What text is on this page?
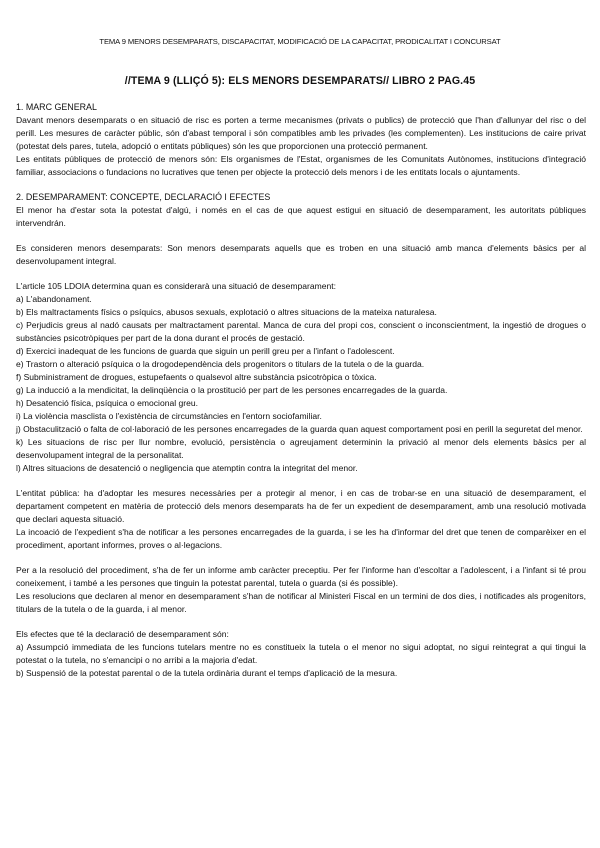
TEMA 9 MENORS DESEMPARATS, DISCAPACITAT, MODIFICACIÓ DE LA CAPACITAT, PRODICALITAT I CONCURSAT
//TEMA 9 (LLIÇÓ 5): ELS MENORS DESEMPARATS// LIBRO 2 PAG.45

1. MARC GENERAL

Davant menors desemparats o en situació de risc es porten a terme mecanismes (privats o publics) de protecció que l'han d'allunyar del risc o del perill. Les mesures de caràcter públic, són d'abast temporal i són compatibles amb les privades (les complementen). Les institucions de caire privat (potestat dels pares, tutela, adopció o entitats públiques) són les que proporcionen una protecció permanent.

Les entitats públiques de protecció de menors són: Els organismes de l'Estat, organismes de les Comunitats Autònomes, institucions d'integració familiar, associacions o fundacions no lucratives que tenen per objecte la protecció dels menors i de les entitats locals o ajuntaments.

2. DESEMPARAMENT: CONCEPTE, DECLARACIÓ I EFECTES

El menor ha d'estar sota la potestat d'algú, i només en el cas de que aquest estigui en situació de desemparament, les autoritats públiques intervendrán.

Es consideren menors desemparats: Son menors desemparats aquells que es troben en una situació amb manca d'elements bàsics per al desenvolupament integral.

L'article 105 LDOIA determina quan es considerarà una situació de desemparament:

a) L'abandonament.

b) Els maltractaments físics o psíquics, abusos sexuals, explotació o altres situacions de la mateixa naturalesa.

c) Perjudicis greus al nadó causats per maltractament parental. Manca de cura del propi cos, conscient o inconscientment, la ingestió de drogues o substàncies psicotròpiques per part de la dona durant el procés de gestació.

d) Exercici inadequat de les funcions de guarda que siguin un perill greu per a l'infant o l'adolescent.

e) Trastorn o alteració psíquica o la drogodependència dels progenitors o titulars de la tutela o de la guarda.

f) Subministrament de drogues, estupefaents o qualsevol altre substància psicotròpica o tòxica.

g) La inducció a la mendicitat, la delinqüència o la prostitució per part de les persones encarregades de la guarda.

h) Desatenció física, psíquica o emocional greu.

i) La violència masclista o l'existència de circumstàncies en l'entorn sociofamiliar.

j) Obstaculització o falta de col·laboració de les persones encarregades de la guarda quan aquest comportament posi en perill la seguretat del menor.

k) Les situacions de risc per llur nombre, evolució, persistència o agreujament determinin la privació al menor dels elements bàsics per al desenvolupament integral de la personalitat.

l) Altres situacions de desatenció o negligencia que atemptin contra la integritat del menor.

L'entitat pública: ha d'adoptar les mesures necessàries per a protegir al menor, i en cas de trobar-se en una situació de desemparament, el departament competent en matèria de protecció dels menors desemparats ha de fer un expedient de desemparament, amb una resolució motivada que declari aquesta situació.

La incoació de l'expedient s'ha de notificar a les persones encarregades de la guarda, i se les ha d'informar del dret que tenen de comparèixer en el procediment, aportant informes, proves o al·legacions.

Per a la resolució del procediment, s'ha de fer un informe amb caràcter preceptiu. Per fer l'informe han d'escoltar a l'adolescent, i a l'infant si té prou coneixement, i també a les persones que tinguin la potestat parental, tutela o guarda (si és possible).

Les resolucions que declaren al menor en desemparament s'han de notificar al Ministeri Fiscal en un termini de dos dies, i notificades als progenitors, titulars de la tutela o de la guarda, i al menor.

Els efectes que té la declaració de desemparament són:

a) Assumpció immediata de les funcions tutelars mentre no es constitueix la tutela o el menor no sigui adoptat, no sigui reintegrat a qui tingui la potestat o la tutela, no s'emancipi o no arribi a la majoria d'edat.

b) Suspensió de la potestat parental o de la tutela ordinària durant el temps d'aplicació de la mesura.
